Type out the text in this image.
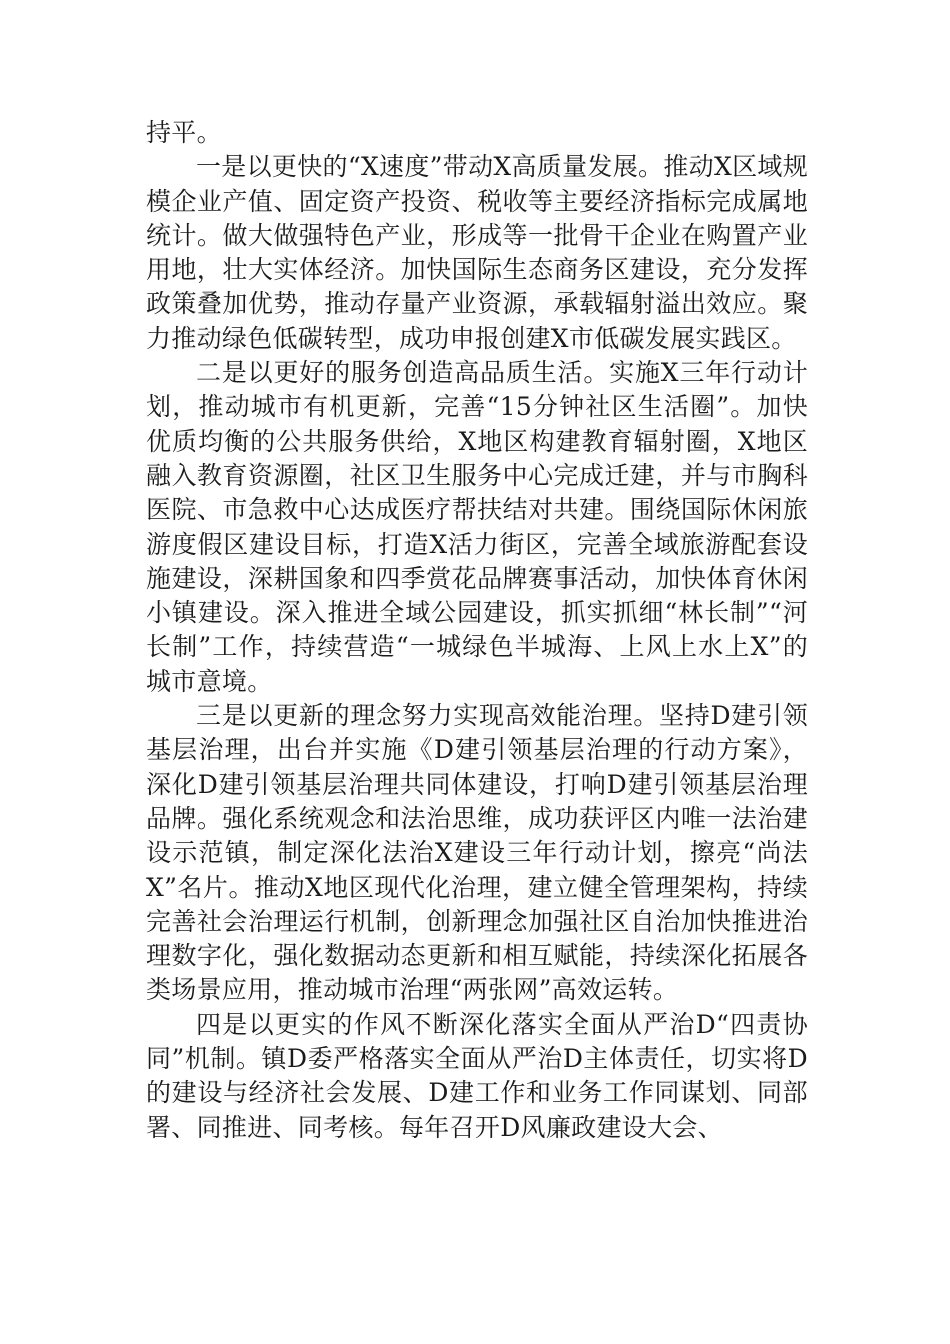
持平。

一是以更快的“X速度”带动X高质量发展。推动X区域规模企业产值、固定资产投资、税收等主要经济指标完成属地统计。做大做强特色产业，形成等一批骨干企业在购置产业用地，壮大实体经济。加快国际生态商务区建设，充分发挥政策叠加优势，推动存量产业资源，承载辐射溢出效应。聚力推动绿色低碳转型，成功申报创建X市低碳发展实践区。

二是以更好的服务创造高品质生活。实施X三年行动计划，推动城市有机更新，完善“15分钟社区生活圈”。加快优质均衡的公共服务供给，X地区构建教育辐射圈，X地区融入教育资源圈，社区卫生服务中心完成迁建，并与市胸科医院、市急救中心达成医疗帮扶结对共建。围绕国际休闲旅游度假区建设目标，打造X活力街区，完善全域旅游配套设施建设，深耕国象和四季赏花品牌赛事活动，加快体育休闲小镇建设。深入推进全域公园建设，抓实抓细“林长制”“河长制”工作，持续营造“一城绿色半城海、上风上水上X”的城市意境。

三是以更新的理念努力实现高效能治理。坚持D建引领基层治理，出台并实施《D建引领基层治理的行动方案》，深化D建引领基层治理共同体建设，打响D建引领基层治理品牌。强化系统观念和法治思维，成功获评区内唯一法治建设示范镇，制定深化法治X建设三年行动计划，擦亮“尚法X”名片。推动X地区现代化治理，建立健全管理架构，持续完善社会治理运行机制，创新理念加强社区自治加快推进治理数字化，强化数据动态更新和相互赋能，持续深化拓展各类场景应用，推动城市治理“两张网”高效运转。

四是以更实的作风不断深化落实全面从严治D“四责协同”机制。镇D委严格落实全面从严治D主体责任，切实将D的建设与经济社会发展、D建工作和业务工作同谋划、同部署、同推进、同考核。每年召开D风廉政建设大会、
